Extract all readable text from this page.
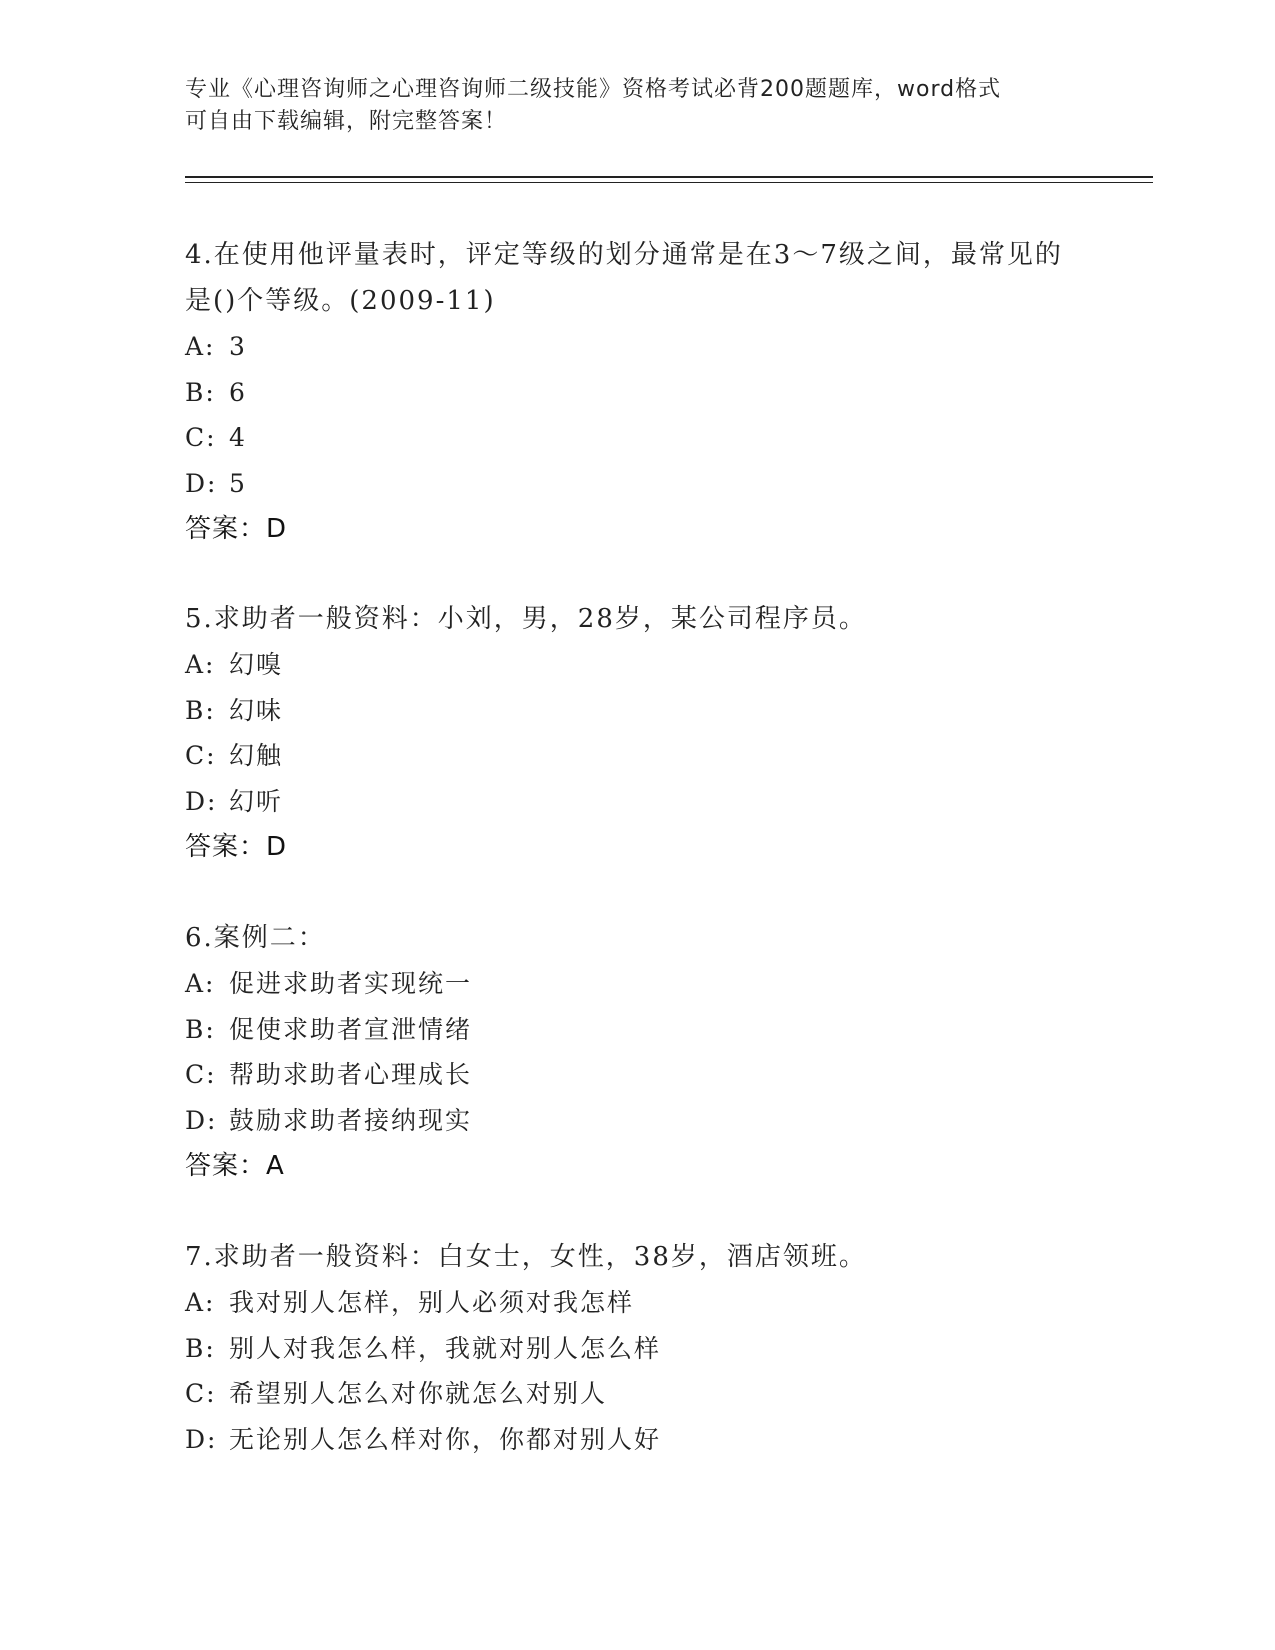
专业《心理咨询师之心理咨询师二级技能》资格考试必背200题题库，word格式
可自由下载编辑，附完整答案！

4.在使用他评量表时，评定等级的划分通常是在3～7级之间，最常见的是()个等级。(2009-11)

A: 3
B: 6
C: 4
D: 5
答案：D

5.求助者一般资料：小刘，男，28岁，某公司程序员。

A: 幻嗅
B: 幻味
C: 幻触
D: 幻听
答案：D

6.案例二：

A: 促进求助者实现统一
B: 促使求助者宣泄情绪
C: 帮助求助者心理成长
D: 鼓励求助者接纳现实
答案：A

7.求助者一般资料：白女士，女性，38岁，酒店领班。

A: 我对别人怎样，别人必须对我怎样
B: 别人对我怎么样，我就对别人怎么样
C: 希望别人怎么对你就怎么对别人
D: 无论别人怎么样对你，你都对别人好
